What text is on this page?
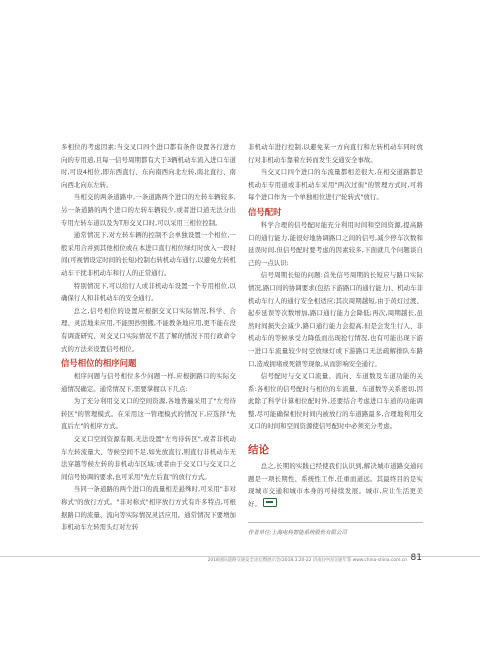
多相位的考虑因素;当交叉口四个进口都有条件设置各行进方向的专用道,且每一信号周期都有大于3辆机动车流入进口车道时,可设4相位,即东西直行、东向南西向北左转,南北直行、南向西北向东左转。

当相交的两条道路中,一条道路两个进口的左转车辆较多,另一条道路的两个进口的左转车辆较少,或者进口道无法分出专用左转车道以及为T形交叉口时,可以采用三相位控制。

通常情况下,对左转车辆的控制不会单独设置一个相位,一般采用合并到其他相位或在本进口直行相位绿灯时放入一段时间(可视情设定时间的长短)控制右转机动车通行,以避免左转机动车干扰非机动车和行人的正常通行。

特别情况下,可以给行人或非机动车设置一个专用相位,以确保行人和非机动车的安全通行。

总之,信号相位的设置应根据交叉口实际情况,科学、合理、灵活地来应用,不能照抄照搬,不能教条地应用,更不能在没有调查研究、对交叉口实际情况不甚了解的情况下用行政命令式的方法来设置信号相位。

信号相位的相序问题

相序问题与信号相位多少问题一样,应根据路口的实际交通情况确定。通常情况下,需要掌握以下几点:

为了充分利用交叉口的空间资源,各地普遍采用了"左弯待转区"的管理模式。在采用这一管理模式的情况下,应选择"先直后左"的相序方式。

交叉口空间资源有限,无法设置"左弯待转区",或者非机动车左转流量大、等候空间不足,如先放直行,则直行非机动车无法穿越等候左转的非机动车区域;或者由于交叉口与交叉口之间信号协调的要求,也可采用"先左后直"的放行方式。

当同一条道路的两个进口的流量相差悬殊时,可采用"非对称式"的放行方式。"非对称式"相序放行方式有许多特点,可根据路口的流量、流向等实际情况灵活应用。通常情况下要增加非机动车左转需头灯对左转

非机动车进行控制,以避免某一方向直行和左转机动车同时放行对非机动车靠着左转而发生交通安全事故。

当交叉口四个进口的车流量都相差很大,在相交道路都是机动车专用道或非机动车采用"两次过街"的管理方式时,可将每个进口作为一个单独相位进行"轮转式"放行。

信号配时

科学合理的信号配时能充分利用时间和空间资源,提高路口的通行能力,能很好地协调路口之间的信号,减少停车次数和延误时间,但信号配时要考虑的因素较多,下面就几个问题谈自己的一点认识:

信号周期长短的问题:首先信号周期的长短应与路口实际情况,路口间的协调要求(包括下游路口的通行能力)、机动车非机动车行人的通行安全相适应;其次周期越短,由于黄灯过渡、起步延误等次数增加,路口通行能力会降低;再次,周期越长,虽然时间损失会减少,路口通行能力会提高,但是会发生行人、非机动车的等候承受力降低而出现抢行情况,也有可能出现下游一进口车流量较少时空放绿灯或下游路口无法疏解排队车路口,造成拥堵或死锁等现象,从而影响安全通行。

信号配时与交叉口流量、流向、车道数及车道功能的关系:各相位的信号配时与相位的车流量、车道数等关系密切,因此除了科学计算相位配时外,还要结合考虑进口车道的功能调整,尽可能确保相位时间内被放行的车道路最多,合理地利用交叉口的时间和空间资源使信号配时中必须充分考虑。

结论

总之,长期的实践已经使我们认识到,解决城市道路交通问题是一项长期性、系统性工作,任重而道远。其最终目的是实现城市交通和城市本身的可持续发展。城市,应让生活更美好。

作者单位:上海电科智能系统股份有限公司
2018国际道路交通安全论坛暨展示会(2018.3.20-22 济南)|中国交通年鉴 www.china-shina.com.cn 81
